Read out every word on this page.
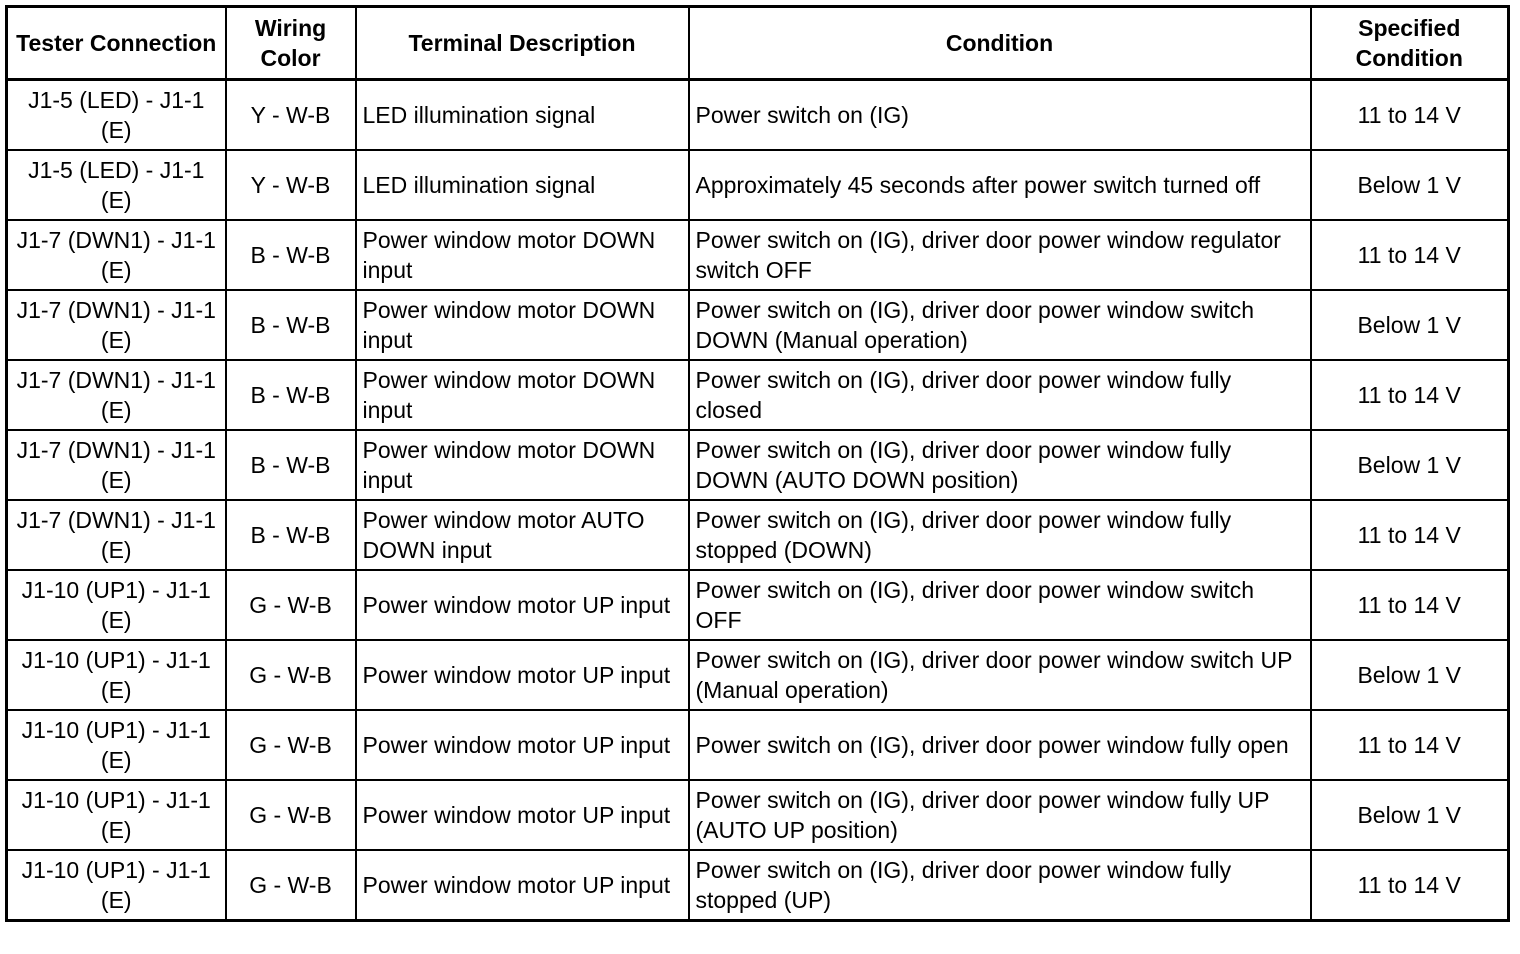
Tester Connection	Wiring Color	Terminal Description	Condition	Specified Condition
J1-5 (LED) - J1-1 (E)	Y - W-B	LED illumination signal	Power switch on (IG)	11 to 14 V
J1-5 (LED) - J1-1 (E)	Y - W-B	LED illumination signal	Approximately 45 seconds after power switch turned off	Below 1 V
J1-7 (DWN1) - J1-1 (E)	B - W-B	Power window motor DOWN input	Power switch on (IG), driver door power window regulator switch OFF	11 to 14 V
J1-7 (DWN1) - J1-1 (E)	B - W-B	Power window motor DOWN input	Power switch on (IG), driver door power window switch DOWN (Manual operation)	Below 1 V
J1-7 (DWN1) - J1-1 (E)	B - W-B	Power window motor DOWN input	Power switch on (IG), driver door power window fully closed	11 to 14 V
J1-7 (DWN1) - J1-1 (E)	B - W-B	Power window motor DOWN input	Power switch on (IG), driver door power window fully DOWN (AUTO DOWN position)	Below 1 V
J1-7 (DWN1) - J1-1 (E)	B - W-B	Power window motor AUTO DOWN input	Power switch on (IG), driver door power window fully stopped (DOWN)	11 to 14 V
J1-10 (UP1) - J1-1 (E)	G - W-B	Power window motor UP input	Power switch on (IG), driver door power window switch OFF	11 to 14 V
J1-10 (UP1) - J1-1 (E)	G - W-B	Power window motor UP input	Power switch on (IG), driver door power window switch UP (Manual operation)	Below 1 V
J1-10 (UP1) - J1-1 (E)	G - W-B	Power window motor UP input	Power switch on (IG), driver door power window fully open	11 to 14 V
J1-10 (UP1) - J1-1 (E)	G - W-B	Power window motor UP input	Power switch on (IG), driver door power window fully UP (AUTO UP position)	Below 1 V
J1-10 (UP1) - J1-1 (E)	G - W-B	Power window motor UP input	Power switch on (IG), driver door power window fully stopped (UP)	11 to 14 V
